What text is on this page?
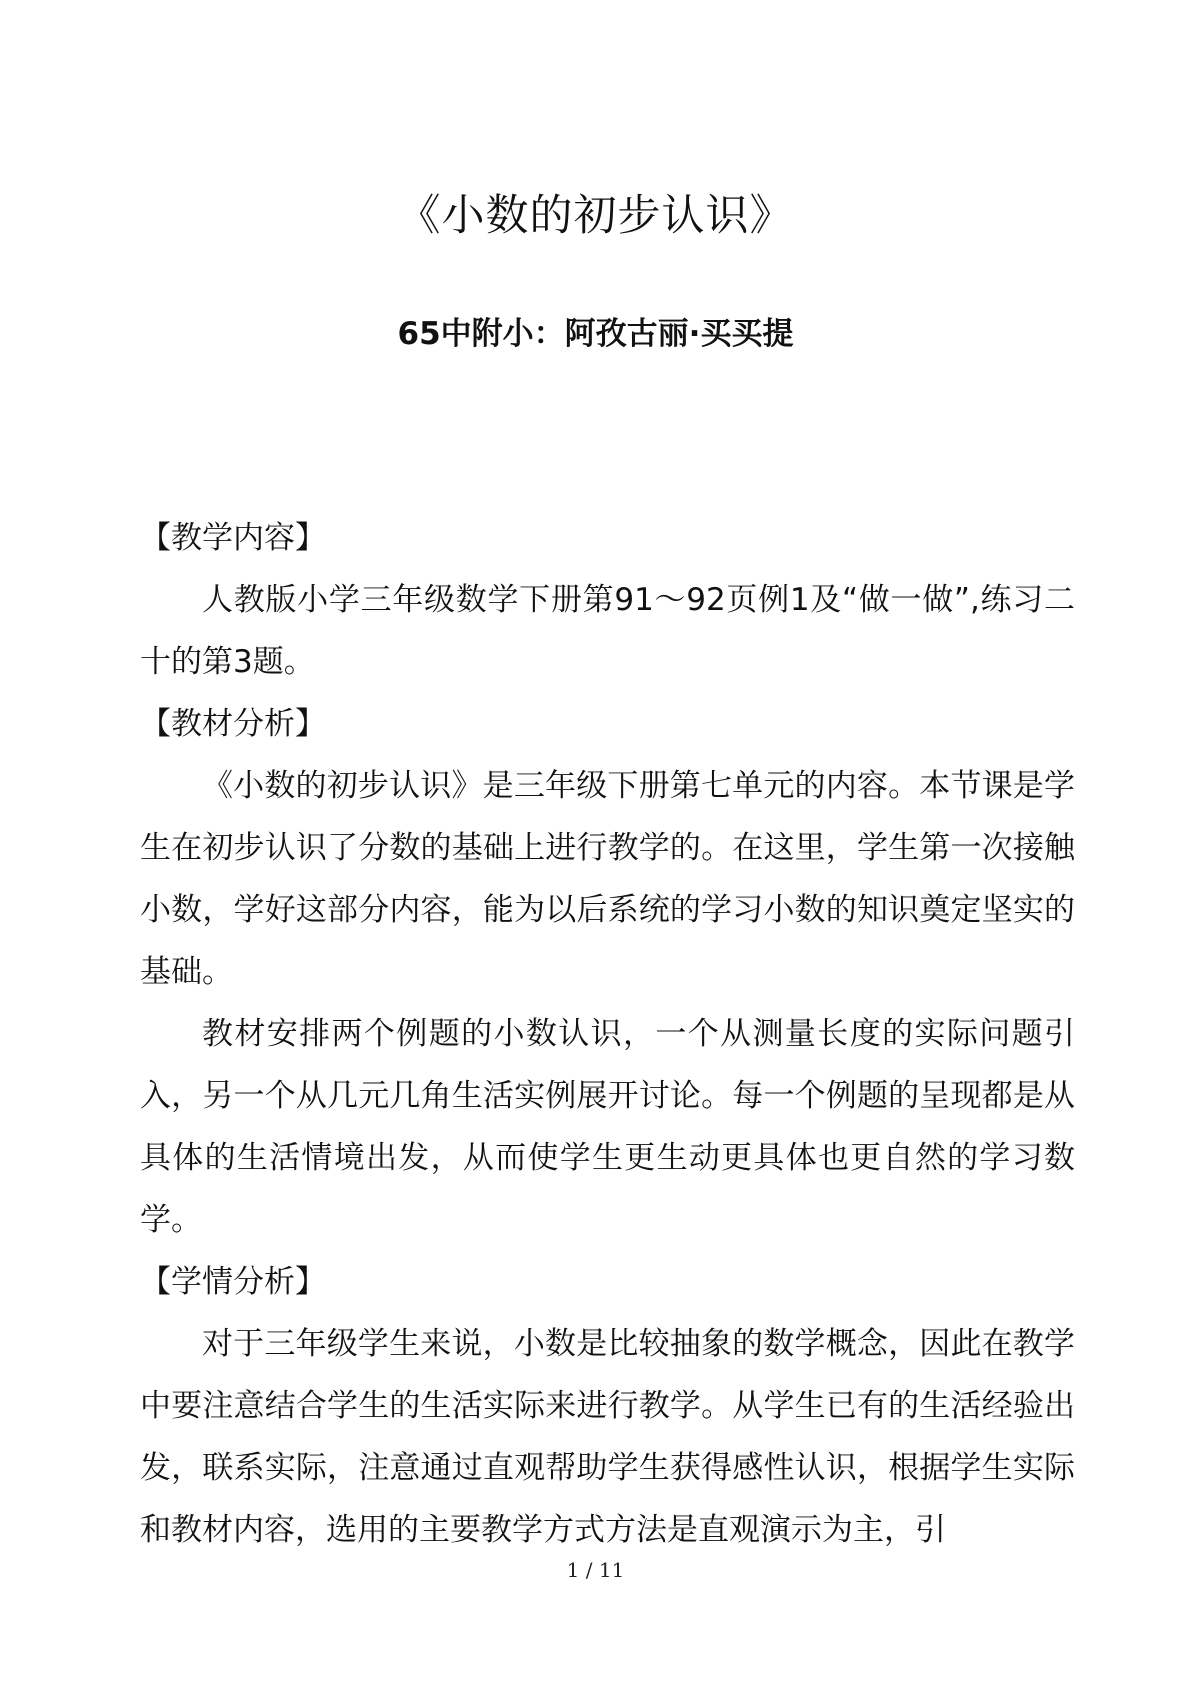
《小数的初步认识》
65中附小：阿孜古丽·买买提

【教学内容】

人教版小学三年级数学下册第91～92页例1及“做一做”,练习二十的第3题。

【教材分析】

《小数的初步认识》是三年级下册第七单元的内容。本节课是学生在初步认识了分数的基础上进行教学的。在这里，学生第一次接触小数，学好这部分内容，能为以后系统的学习小数的知识奠定坚实的基础。

教材安排两个例题的小数认识，一个从测量长度的实际问题引入，另一个从几元几角生活实例展开讨论。每一个例题的呈现都是从具体的生活情境出发，从而使学生更生动更具体也更自然的学习数学。

【学情分析】

对于三年级学生来说，小数是比较抽象的数学概念，因此在教学中要注意结合学生的生活实际来进行教学。从学生已有的生活经验出发，联系实际，注意通过直观帮助学生获得感性认识，根据学生实际和教材内容，选用的主要教学方式方法是直观演示为主，引

1 / 11
